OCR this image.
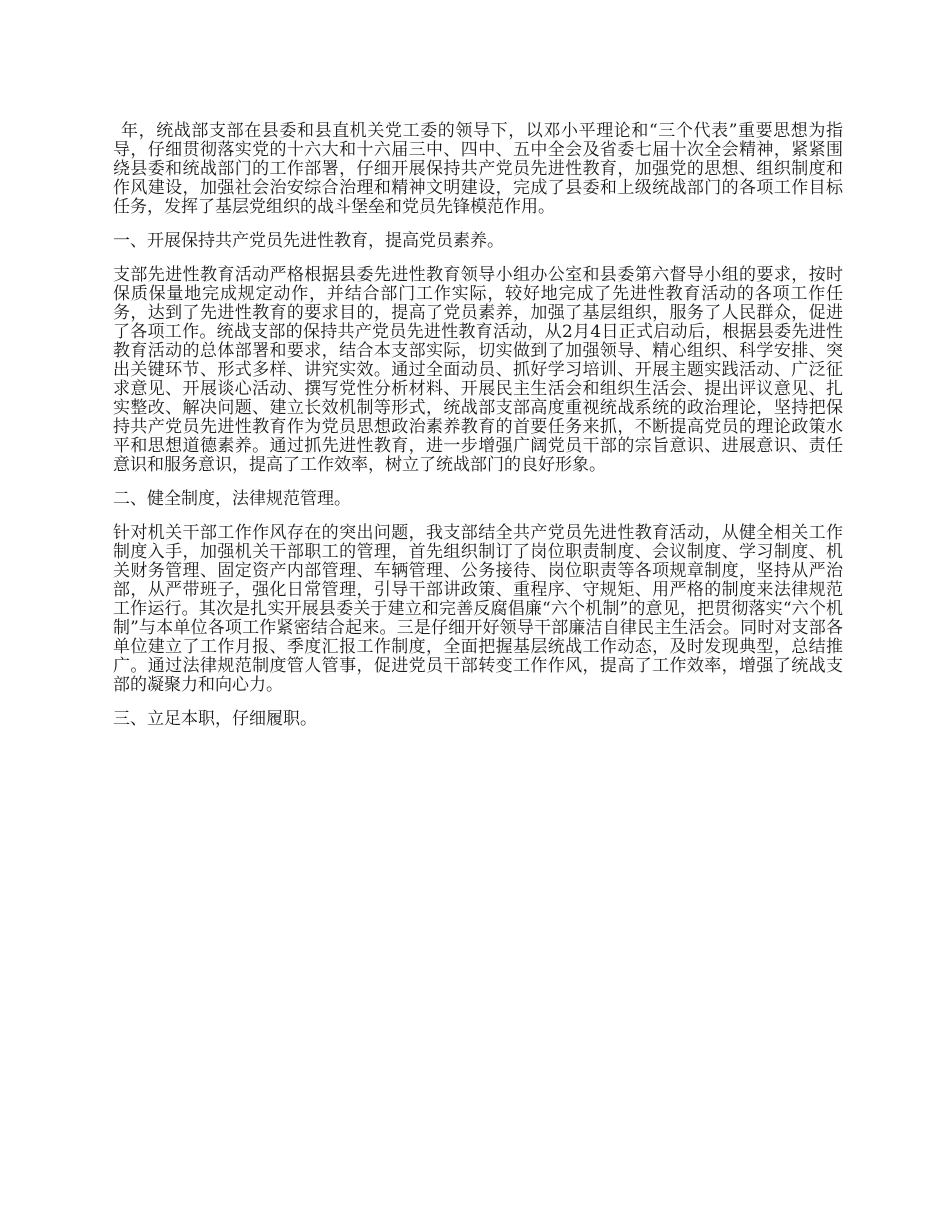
年，统战部支部在县委和县直机关党工委的领导下，以邓小平理论和“三个代表”重要思想为指导，仔细贯彻落实党的十六大和十六届三中、四中、五中全会及省委七届十次全会精神，紧紧围绕县委和统战部门的工作部署，仔细开展保持共产党员先进性教育，加强党的思想、组织制度和作风建设，加强社会治安综合治理和精神文明建设，完成了县委和上级统战部门的各项工作目标任务，发挥了基层党组织的战斗堡垒和党员先锋模范作用。

一、开展保持共产党员先进性教育，提高党员素养。

支部先进性教育活动严格根据县委先进性教育领导小组办公室和县委第六督导小组的要求，按时保质保量地完成规定动作，并结合部门工作实际，较好地完成了先进性教育活动的各项工作任务，达到了先进性教育的要求目的，提高了党员素养，加强了基层组织，服务了人民群众，促进了各项工作。统战支部的保持共产党员先进性教育活动，从2月4日正式启动后，根据县委先进性教育活动的总体部署和要求，结合本支部实际，切实做到了加强领导、精心组织、科学安排、突出关键环节、形式多样、讲究实效。通过全面动员、抓好学习培训、开展主题实践活动、广泛征求意见、开展谈心活动、撰写党性分析材料、开展民主生活会和组织生活会、提出评议意见、扎实整改、解决问题、建立长效机制等形式，统战部支部高度重视统战系统的政治理论，坚持把保持共产党员先进性教育作为党员思想政治素养教育的首要任务来抓，不断提高党员的理论政策水平和思想道德素养。通过抓先进性教育，进一步增强广阔党员干部的宗旨意识、进展意识、责任意识和服务意识，提高了工作效率，树立了统战部门的良好形象。

二、健全制度，法律规范管理。

针对机关干部工作作风存在的突出问题，我支部结全共产党员先进性教育活动，从健全相关工作制度入手，加强机关干部职工的管理，首先组织制订了岗位职责制度、会议制度、学习制度、机关财务管理、固定资产内部管理、车辆管理、公务接待、岗位职责等各项规章制度，坚持从严治部，从严带班子，强化日常管理，引导干部讲政策、重程序、守规矩、用严格的制度来法律规范工作运行。其次是扎实开展县委关于建立和完善反腐倡廉“六个机制”的意见，把贯彻落实“六个机制”与本单位各项工作紧密结合起来。三是仔细开好领导干部廉洁自律民主生活会。同时对支部各单位建立了工作月报、季度汇报工作制度，全面把握基层统战工作动态，及时发现典型，总结推广。通过法律规范制度管人管事，促进党员干部转变工作作风，提高了工作效率，增强了统战支部的凝聚力和向心力。

三、立足本职，仔细履职。
